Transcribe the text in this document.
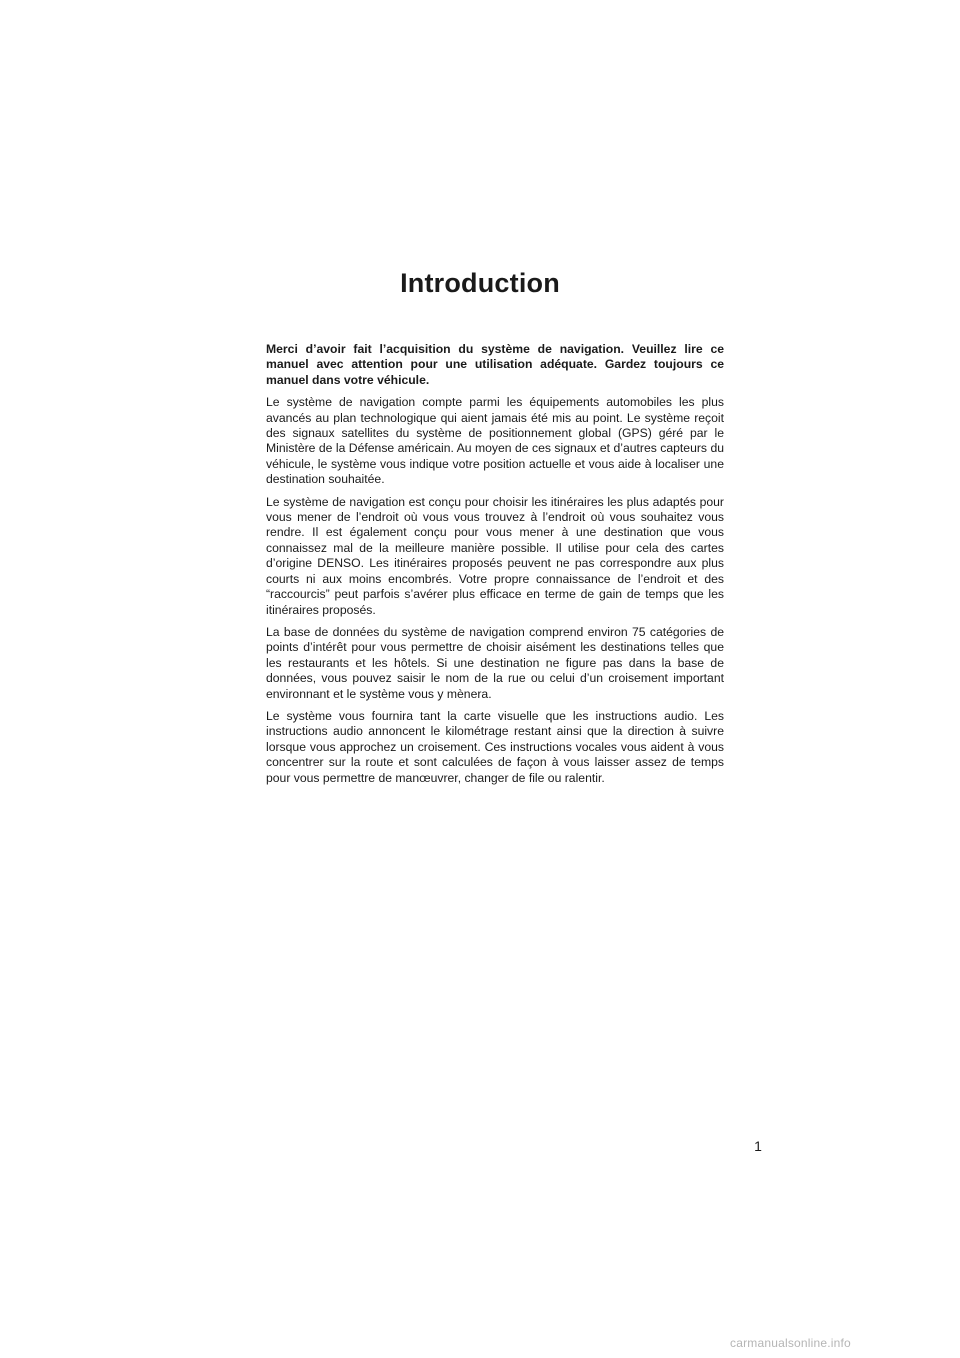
Introduction

Merci d’avoir fait l’acquisition du système de navigation. Veuillez lire ce manuel avec attention pour une utilisation adéquate. Gardez toujours ce manuel dans votre véhicule.

Le système de navigation compte parmi les équipements automobiles les plus avancés au plan technologique qui aient jamais été mis au point. Le système reçoit des signaux satellites du système de positionnement global (GPS) géré par le Ministère de la Défense américain. Au moyen de ces signaux et d’autres capteurs du véhicule, le système vous indique votre position actuelle et vous aide à localiser une destination souhaitée.

Le système de navigation est conçu pour choisir les itinéraires les plus adaptés pour vous mener de l’endroit où vous vous trouvez à l’endroit où vous souhaitez vous rendre. Il est également conçu pour vous mener à une destination que vous connaissez mal de la meilleure manière possible. Il utilise pour cela des cartes d’origine DENSO. Les itinéraires proposés peuvent ne pas correspondre aux plus courts ni aux moins encombrés. Votre propre connaissance de l’endroit et des “raccourcis” peut parfois s’avérer plus efficace en terme de gain de temps que les itinéraires proposés.

La base de données du système de navigation comprend environ 75 catégories de points d’intérêt pour vous permettre de choisir aisément les destinations telles que les restaurants et les hôtels. Si une destination ne figure pas dans la base de données, vous pouvez saisir le nom de la rue ou celui d’un croisement important environnant et le système vous y mènera.

Le système vous fournira tant la carte visuelle que les instructions audio. Les instructions audio annoncent le kilométrage restant ainsi que la direction à suivre lorsque vous approchez un croisement. Ces instructions vocales vous aident à vous concentrer sur la route et sont calculées de façon à vous laisser assez de temps pour vous permettre de manœuvrer, changer de file ou ralentir.

1
carmanualsonline.info
